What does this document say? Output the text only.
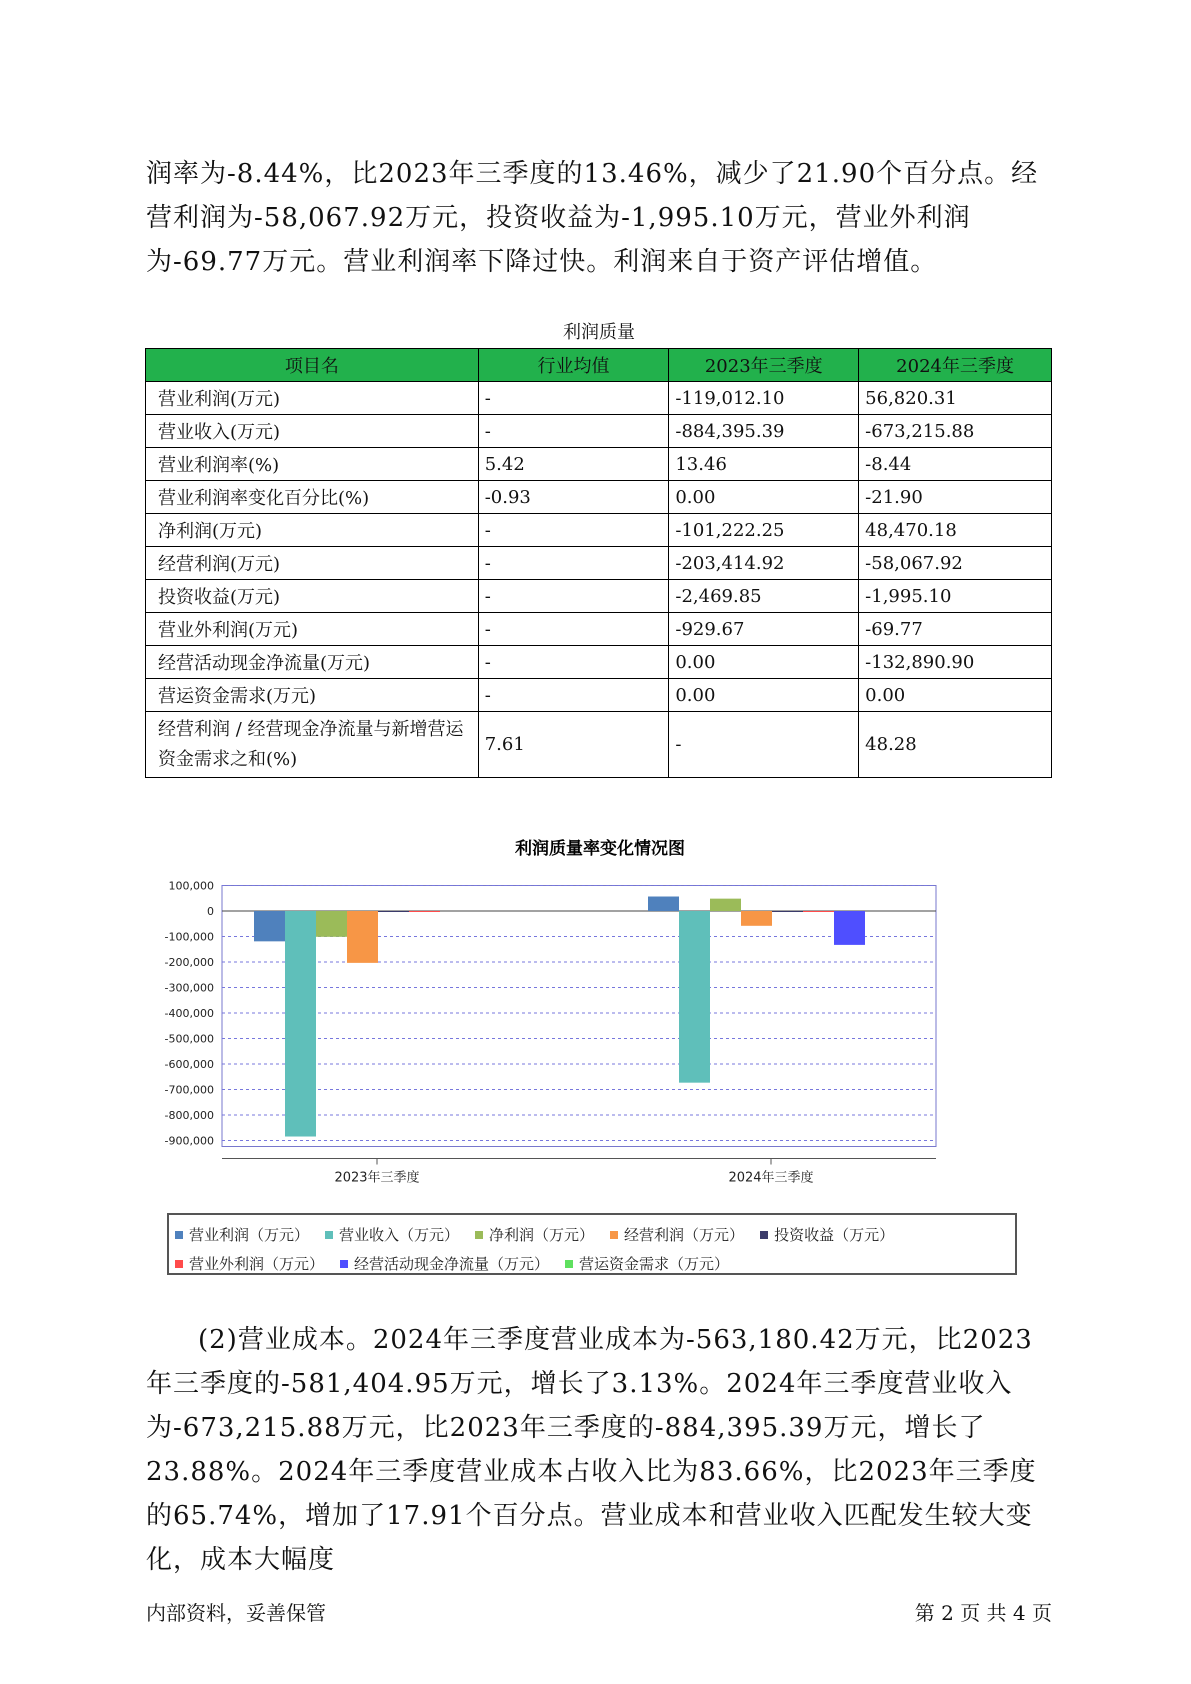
润率为-8.44%，比2023年三季度的13.46%，减少了21.90个百分点。经营利润为-58,067.92万元，投资收益为-1,995.10万元，营业外利润为-69.77万元。营业利润率下降过快。利润来自于资产评估增值。

利润质量
项目名	行业均值	2023年三季度	2024年三季度
营业利润(万元)	-	-119,012.10	56,820.31
营业收入(万元)	-	-884,395.39	-673,215.88
营业利润率(%)	5.42	13.46	-8.44
营业利润率变化百分比(%)	-0.93	0.00	-21.90
净利润(万元)	-	-101,222.25	48,470.18
经营利润(万元)	-	-203,414.92	-58,067.92
投资收益(万元)	-	-2,469.85	-1,995.10
营业外利润(万元)	-	-929.67	-69.77
经营活动现金净流量(万元)	-	0.00	-132,890.90
营运资金需求(万元)	-	0.00	0.00
经营利润 / 经营现金净流量与新增营运资金需求之和(%)	7.61	-	48.28
利润质量率变化情况图
100,000
0
-100,000
-200,000
-300,000
-400,000
-500,000
-600,000
-700,000
-800,000
-900,000
2023年三季度	2024年三季度
营业利润（万元） 营业收入（万元） 净利润（万元） 经营利润（万元） 投资收益（万元）
营业外利润（万元） 经营活动现金净流量（万元） 营运资金需求（万元）

(2)营业成本。2024年三季度营业成本为-563,180.42万元，比2023年三季度的-581,404.95万元，增长了3.13%。2024年三季度营业收入为-673,215.88万元，比2023年三季度的-884,395.39万元，增长了23.88%。2024年三季度营业成本占收入比为83.66%，比2023年三季度的65.74%，增加了17.91个百分点。营业成本和营业收入匹配发生较大变化，成本大幅度

内部资料，妥善保管	第 2 页 共 4 页
